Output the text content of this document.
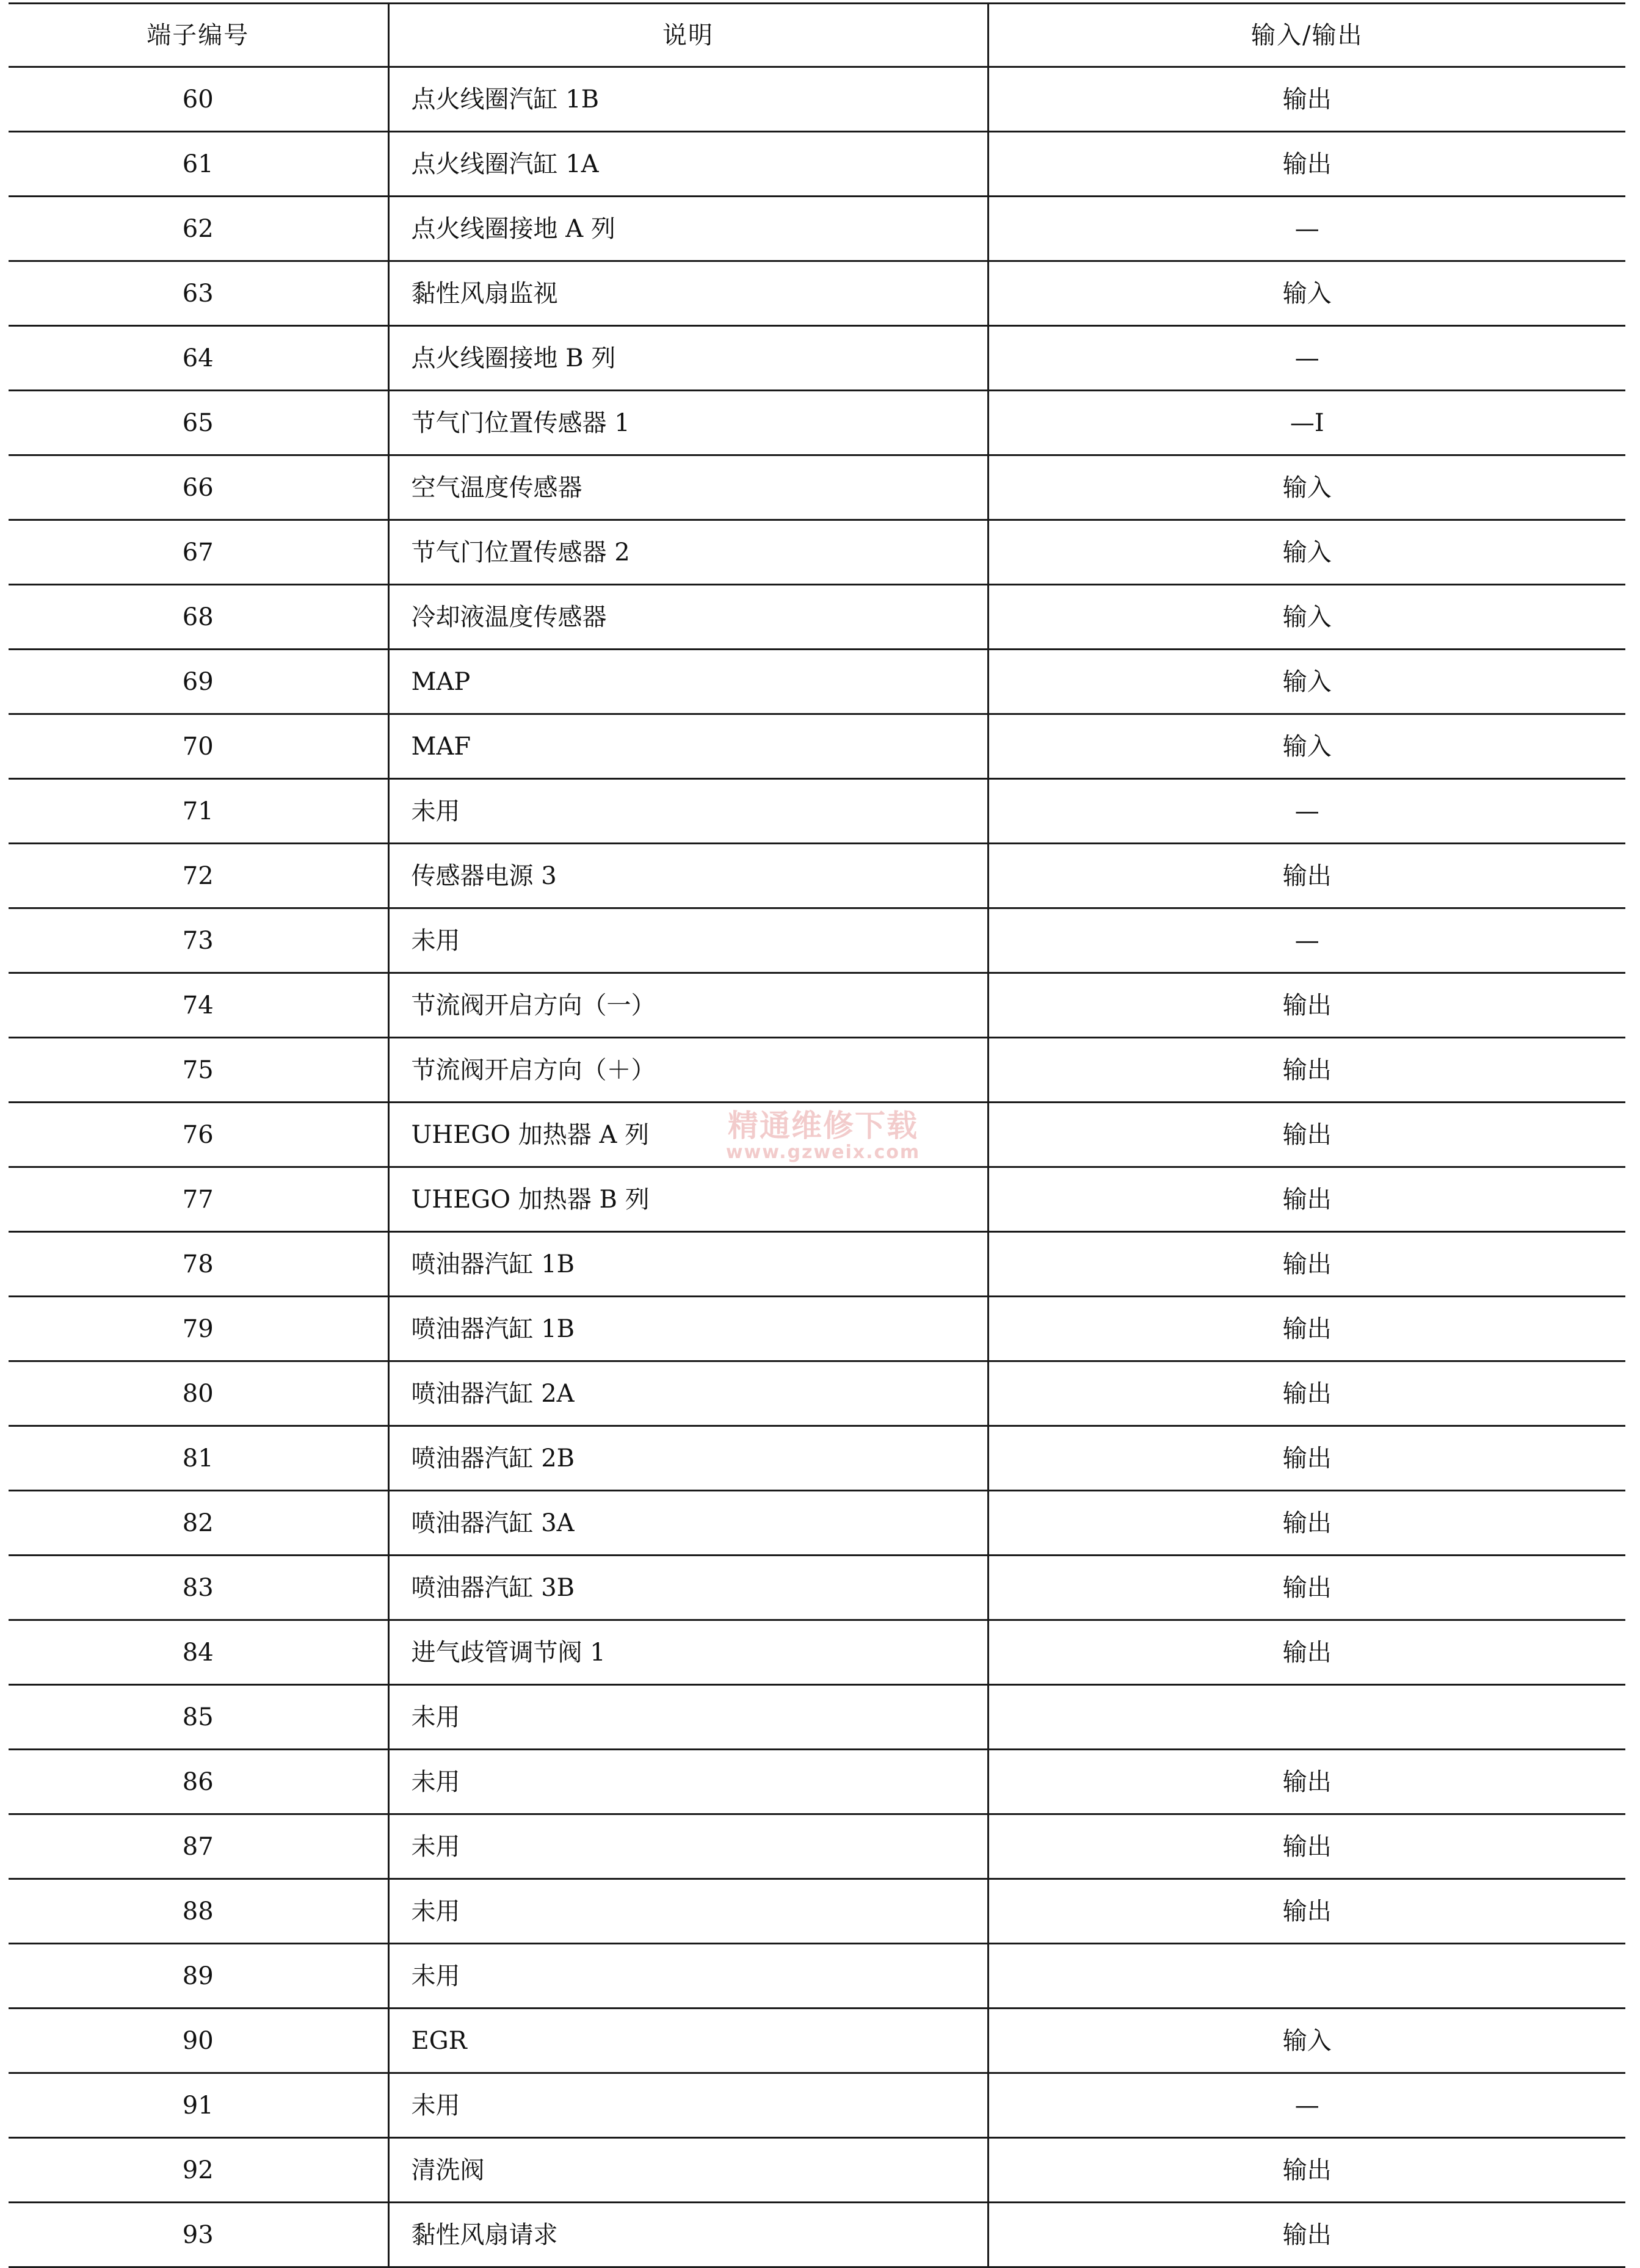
端子编号	说明	输入/输出
60	点火线圈汽缸 1B	输出
61	点火线圈汽缸 1A	输出
62	点火线圈接地 A 列	—
63	黏性风扇监视	输入
64	点火线圈接地 B 列	—
65	节气门位置传感器 1	—I
66	空气温度传感器	输入
67	节气门位置传感器 2	输入
68	冷却液温度传感器	输入
69	MAP	输入
70	MAF	输入
71	未用	—
72	传感器电源 3	输出
73	未用	—
74	节流阀开启方向（一）	输出
75	节流阀开启方向（＋）	输出
76	UHEGO 加热器 A 列	输出
77	UHEGO 加热器 B 列	输出
78	喷油器汽缸 1B	输出
79	喷油器汽缸 1B	输出
80	喷油器汽缸 2A	输出
81	喷油器汽缸 2B	输出
82	喷油器汽缸 3A	输出
83	喷油器汽缸 3B	输出
84	进气歧管调节阀 1	输出
85	未用	
86	未用	输出
87	未用	输出
88	未用	输出
89	未用	
90	EGR	输入
91	未用	—
92	清洗阀	输出
93	黏性风扇请求	输出
精通维修下载
www.gzweix.com
